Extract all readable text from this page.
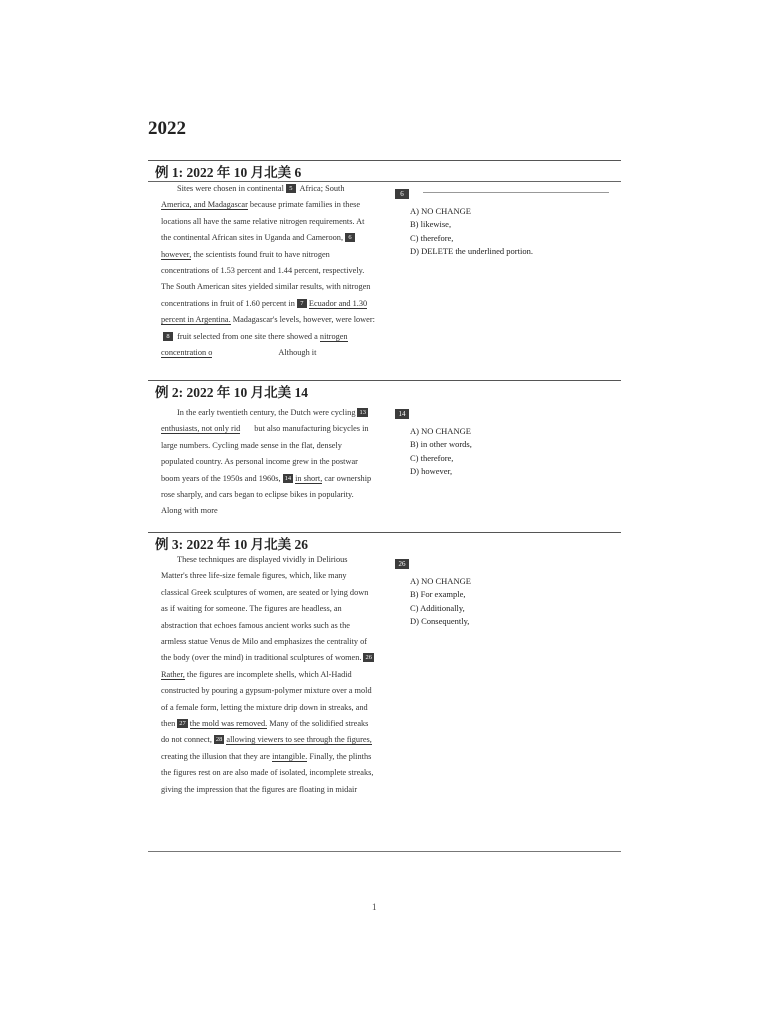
2022
例 1: 2022 年 10 月北美 6

Sites were chosen in continental 5 Africa; South America, and Madagascar because primate families in these locations all have the same relative nitrogen requirements. At the continental African sites in Uganda and Cameroon, 6however, the scientists found fruit to have nitrogen concentrations of 1.53 percent and 1.44 percent, respectively. The South American sites yielded similar results, with nitrogen concentrations in fruit of 1.60 percent in 7 Ecuador and 1.30 percent in Argentina. Madagascar's levels, however, were lower:8 fruit selected from one site there showed a nitrogen concentration o	Although it

6
A) NO CHANGE
B) likewise,
C) therefore,
D) DELETE the underlined portion.
例 2: 2022 年 10 月北美 14

In the early twentieth century, the Dutch were cycling 13enthusiasts, not only rid but also manufacturing bicycles in large numbers. Cycling made sense in the flat, densely populated country. As personal income grew in the postwar boom years of the 1950s and 1960s, 14 in short, car ownership rose sharply, and cars began to eclipse bikes in popularity. Along with more

14
A) NO CHANGE
B) in other words,
C) therefore,
D) however,
例 3: 2022 年 10 月北美 26

These techniques are displayed vividly in Delirious Matter's three life-size female figures, which, like many classical Greek sculptures of women, are seated or lying down as if waiting for someone. The figures are headless, an abstraction that echoes famous ancient works such as the armless statue Venus de Milo and emphasizes the centrality of the body (over the mind) in traditional sculptures of women. 26Rather, the figures are incomplete shells, which Al-Hadid constructed by pouring a gypsum-polymer mixture over a mold of a female form, letting the mixture drip down in streaks, and then 27 the mold was removed. Many of the solidified streaks do not connect, 28 allowing viewers to see through the figures, creating the illusion that they are intangible. Finally, the plinths the figures rest on are also made of isolated, incomplete streaks, giving the impression that the figures are floating in midair

26
A) NO CHANGE
B) For example,
C) Additionally,
D) Consequently,
1
